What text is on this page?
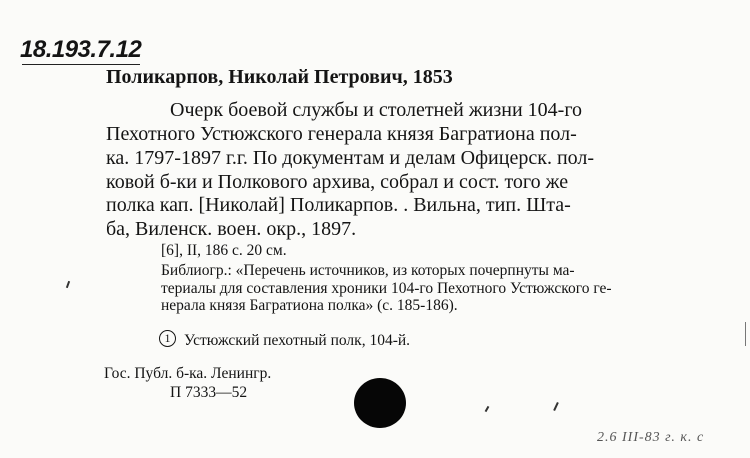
18.193.7.12
Поликарпов, Николай Петрович, 1853
Очерк боевой службы и столетней жизни 104-го
Пехотного Устюжского генерала князя Багратиона пол-
ка. 1797-1897 г.г. По документам и делам Офицерск. пол-
ковой б-ки и Полкового архива, собрал и сост. того же
полка кап. [Николай] Поликарпов. . Вильна, тип. Шта-
ба, Виленск. воен. окр., 1897.
[6], II, 186 с. 20 см.
Библиогр.: «Перечень источников, из которых почерпнуты ма-
териалы для составления хроники 104-го Пехотного Устюжского ге-
нерала князя Багратиона полка» (с. 185-186).
1 Устюжский пехотный полк, 104-й.
Гос. Публ. б-ка. Ленингр.
П 7333—52
2.6 III-83 г. к. с
